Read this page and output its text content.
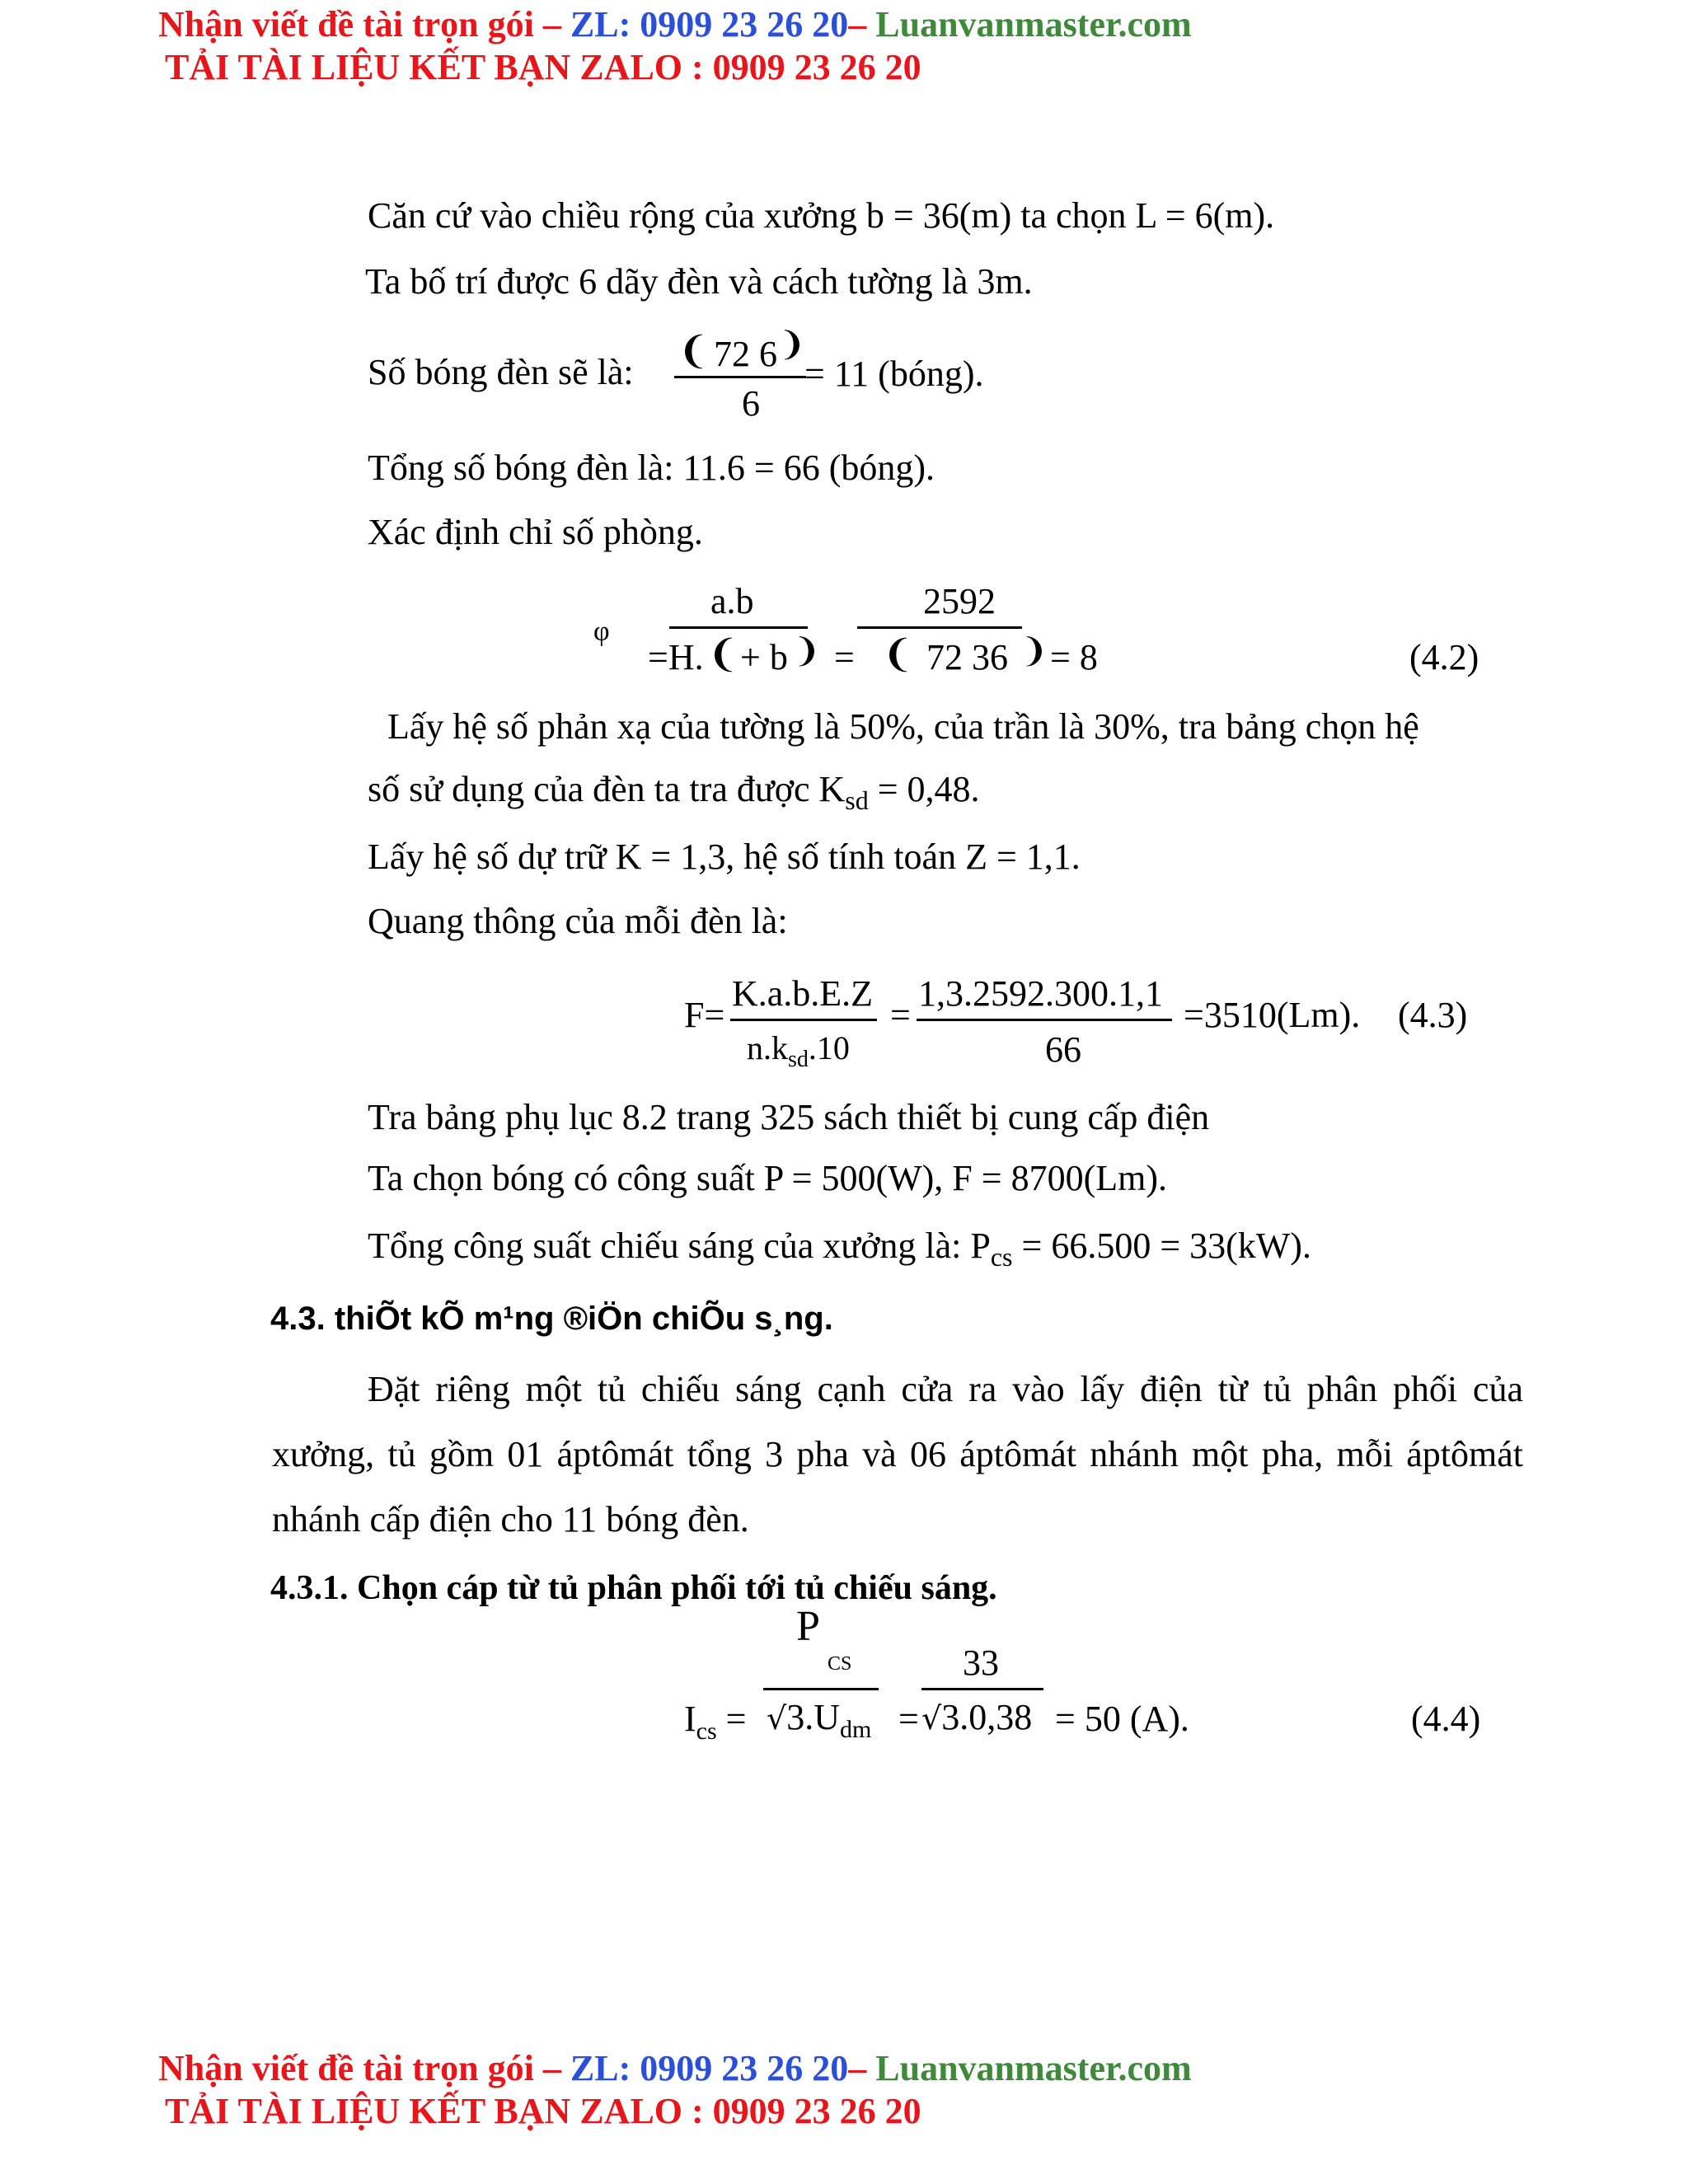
Nhận viết đề tài trọn gói – ZL: 0909 23 26 20– Luanvanmaster.com
TẢI TÀI LIỆU KẾT BẠN ZALO : 0909 23 26 20
Căn cứ vào chiều rộng của xưởng b = 36(m) ta chọn L = 6(m).
Ta bố trí được 6 dãy đèn và cách tường là 3m.
Số bóng đèn sẽ là: ❨ 72 6 ❩
6
= 11 (bóng).
Tổng số bóng đèn là: 11.6 = 66 (bóng).
Xác định chỉ số phòng.
φ
a.b
=H. ❨ + b ❩ =
2592
❨ 72 36 ❩ = 8	(4.2)
Lấy hệ số phản xạ của tường là 50%, của trần là 30%, tra bảng chọn hệ
số sử dụng của đèn ta tra được $K_{sd} = 0,48$.
Lấy hệ số dự trữ K = 1,3, hệ số tính toán Z = 1,1.
Quang thông của mỗi đèn là:
F=
K.a.b.E.Z
$n.k_{sd}.10$
=
1,3.2592.300.1,1
66
=3510(Lm). (4.3)
Tra bảng phụ lục 8.2 trang 325 sách thiết bị cung cấp điện
Ta chọn bóng có công suất P = 500(W), F = 8700(Lm).
Tổng công suất chiếu sáng của xưởng là: $P_{cs} = 66.500 = 33(kW)$.
4.3. thiÕt kÕ m¹ng ®iÖn chiÕu s¸ng.
Đặt riêng một tủ chiếu sáng cạnh cửa ra vào lấy điện từ tủ phân phối của xưởng, tủ gồm 01 áptômát tổng 3 pha và 06 áptômát nhánh một pha, mỗi áptômát nhánh cấp điện cho 11 bóng đèn.
4.3.1. Chọn cáp từ tủ phân phối tới tủ chiếu sáng.
P
CS	33
$I_{cs} = √3.U_{dm} = √3.0,38 = 50$ (A).	(4.4)
Nhận viết đề tài trọn gói – ZL: 0909 23 26 20– Luanvanmaster.com
TẢI TÀI LIỆU KẾT BẠN ZALO : 0909 23 26 20
